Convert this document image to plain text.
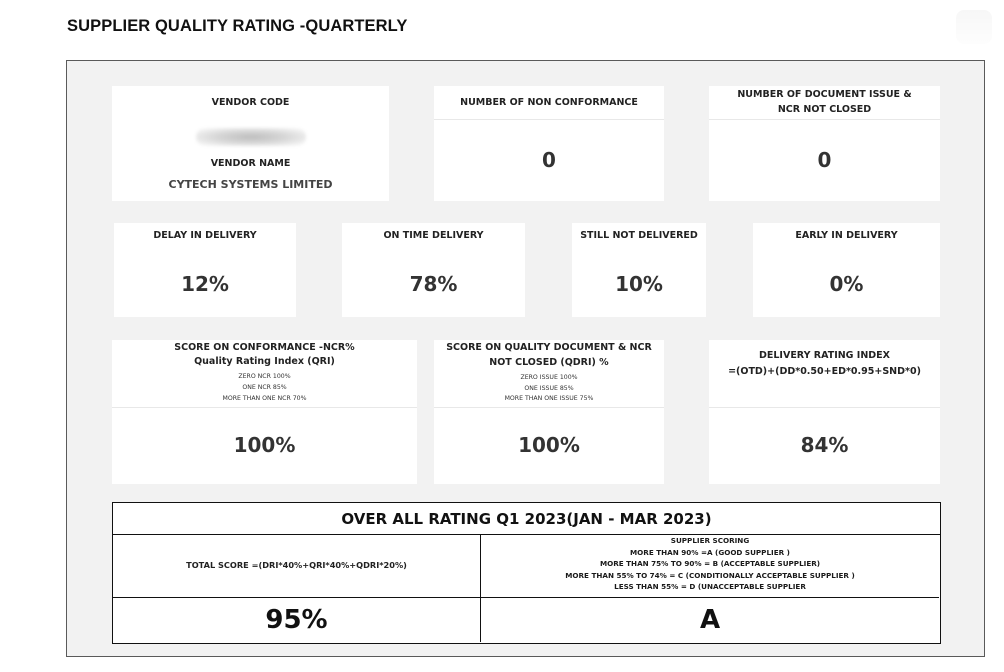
SUPPLIER QUALITY RATING -QUARTERLY
VENDOR CODE
VENDOR NAME
CYTECH SYSTEMS LIMITED
NUMBER OF NON CONFORMANCE
0
NUMBER OF DOCUMENT ISSUE &
NCR NOT CLOSED
0
DELAY IN DELIVERY
12%
ON TIME DELIVERY
78%
STILL NOT DELIVERED
10%
EARLY IN DELIVERY
0%
SCORE ON CONFORMANCE -NCR%
Quality Rating Index (QRI)
ZERO NCR 100%
ONE NCR 85%
MORE THAN ONE NCR 70%
100%
SCORE ON QUALITY DOCUMENT & NCR
NOT CLOSED (QDRI) %
ZERO ISSUE 100%
ONE ISSUE 85%
MORE THAN ONE ISSUE 75%
100%
DELIVERY RATING INDEX
=(OTD)+(DD*0.50+ED*0.95+SND*0)
84%
OVER ALL RATING Q1 2023(JAN - MAR 2023)
TOTAL SCORE =(DRI*40%+QRI*40%+QDRI*20%)
SUPPLIER SCORING
MORE THAN 90% =A (GOOD SUPPLIER )
MORE THAN 75% TO 90% = B (ACCEPTABLE SUPPLIER)
MORE THAN 55% TO 74% = C (CONDITIONALLY ACCEPTABLE SUPPLIER )
LESS THAN 55% = D (UNACCEPTABLE SUPPLIER
95%	A
